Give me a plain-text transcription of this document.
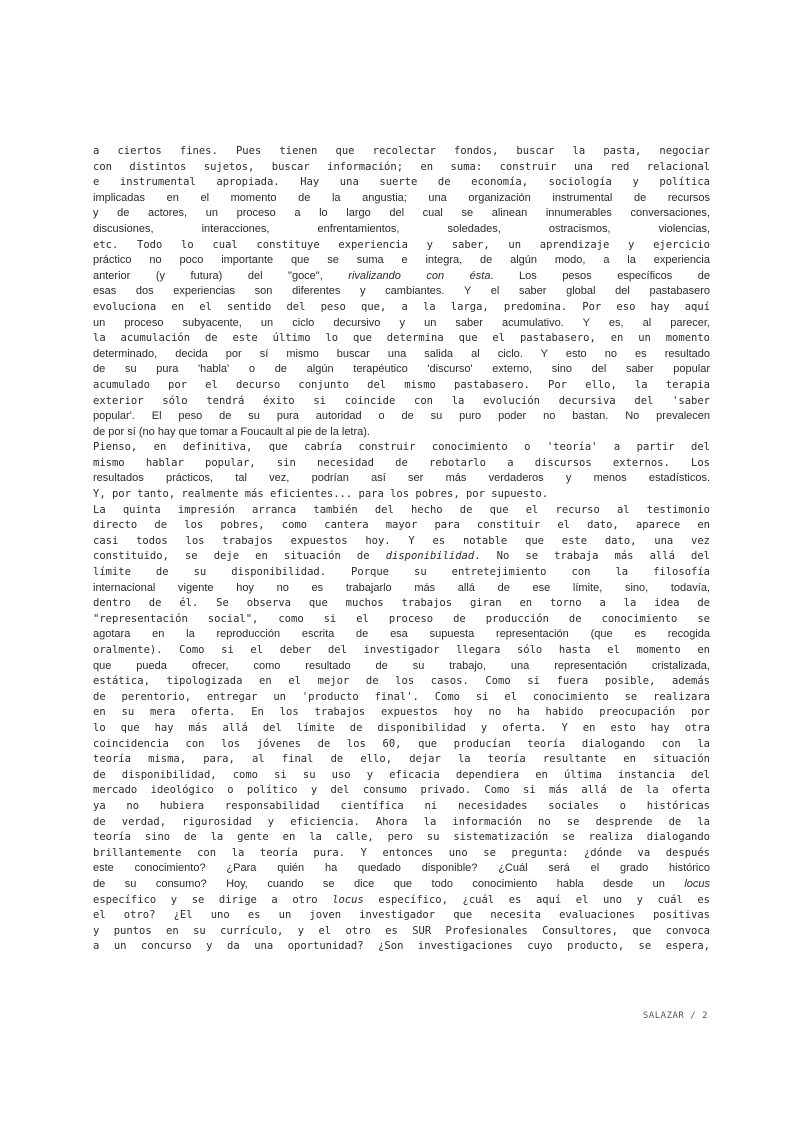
a ciertos fines. Pues tienen que recolectar fondos, buscar la pasta, negociar
con distintos sujetos, buscar información; en suma: construir una red relacional
e instrumental apropiada. Hay una suerte de economía, sociología y política
implicadas en el momento de la angustia; una organización instrumental de recursos
y de actores, un proceso a lo largo del cual se alinean innumerables conversaciones,
discusiones, interacciones, enfrentamientos, soledades, ostracismos, violencias,
etc. Todo lo cual constituye experiencia y saber, un aprendizaje y ejercicio
práctico no poco importante que se suma e integra, de algún modo, a la experiencia
anterior (y futura) del "goce", rivalizando con ésta. Los pesos específicos de
esas dos experiencias son diferentes y cambiantes. Y el saber global del pastabasero
evoluciona en el sentido del peso que, a la larga, predomina. Por eso hay aquí
un proceso subyacente, un ciclo decursivo y un saber acumulativo. Y es, al parecer,
la acumulación de este último lo que determina que el pastabasero, en un momento
determinado, decida por sí mismo buscar una salida al ciclo. Y esto no es resultado
de su pura 'habla' o de algún terapéutico 'discurso' externo, sino del saber popular
acumulado por el decurso conjunto del mismo pastabasero. Por ello, la terapia
exterior sólo tendrá éxito si coincide con la evolución decursiva del 'saber
popular'. El peso de su pura autoridad o de su puro poder no bastan. No prevalecen
de por sí (no hay que tomar a Foucault al pie de la letra).
Pienso, en definitiva, que cabría construir conocimiento o 'teoría' a partir del
mismo hablar popular, sin necesidad de rebotarlo a discursos externos. Los
resultados prácticos, tal vez, podrían así ser más verdaderos y menos estadísticos.
Y, por tanto, realmente más eficientes... para los pobres, por supuesto.
La quinta impresión arranca también del hecho de que el recurso al testimonio
directo de los pobres, como cantera mayor para constituir el dato, aparece en
casi todos los trabajos expuestos hoy. Y es notable que este dato, una vez
constituido, se deje en situación de disponibilidad. No se trabaja más allá del
límite de su disponibilidad. Porque su entretejimiento con la filosofía
internacional vigente hoy no es trabajarlo más allá de ese límite, sino, todavía,
dentro de él. Se observa que muchos trabajos giran en torno a la idea de
"representación social", como si el proceso de producción de conocimiento se
agotara en la reproducción escrita de esa supuesta representación (que es recogida
oralmente). Como si el deber del investigador llegara sólo hasta el momento en
que pueda ofrecer, como resultado de su trabajo, una representación cristalizada,
estática, tipologizada en el mejor de los casos. Como si fuera posible, además
de perentorio, entregar un 'producto final'. Como si el conocimiento se realizara
en su mera oferta. En los trabajos expuestos hoy no ha habido preocupación por
lo que hay más allá del límite de disponibilidad y oferta. Y en esto hay otra
coincidencia con los jóvenes de los 60, que producían teoría dialogando con la
teoría misma, para, al final de ello, dejar la teoría resultante en situación
de disponibilidad, como si su uso y eficacia dependiera en última instancia del
mercado ideológico o político y del consumo privado. Como si más allá de la oferta
ya no hubiera responsabilidad científica ni necesidades sociales o históricas
de verdad, rigurosidad y eficiencia. Ahora la información no se desprende de la
teoría sino de la gente en la calle, pero su sistematización se realiza dialogando
brillantemente con la teoría pura. Y entonces uno se pregunta: ¿dónde va después
este conocimiento? ¿Para quién ha quedado disponible? ¿Cuál será el grado histórico
de su consumo? Hoy, cuando se dice que todo conocimiento habla desde un locus
específico y se dirige a otro locus específico, ¿cuál es aquí el uno y cuál es
el otro? ¿El uno es un joven investigador que necesita evaluaciones positivas
y puntos en su currículo, y el otro es SUR Profesionales Consultores, que convoca
a un concurso y da una oportunidad? ¿Son investigaciones cuyo producto, se espera,
SALAZAR / 2
